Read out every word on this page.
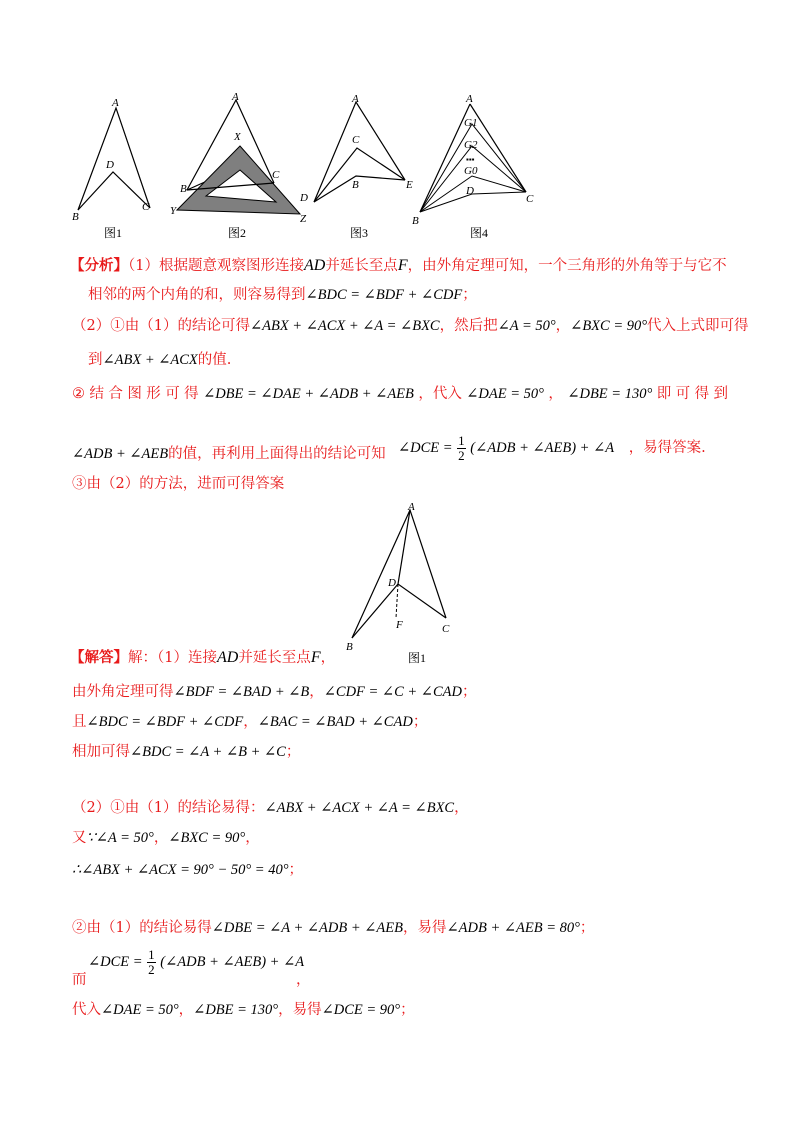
A
D
B
C
图1
A
X
C
B
Y
Z
图2
A
C
B
D
E
图3
A
G1
G2
▪▪▪
G0
D
B
C
图4
【分析】（1）根据题意观察图形连接AD并延长至点F，由外角定理可知，一个三角形的外角等于与它不
相邻的两个内角的和，则容易得到∠BDC = ∠BDF + ∠CDF；
（2）①由（1）的结论可得∠ABX + ∠ACX + ∠A = ∠BXC，然后把∠A = 50°，∠BXC = 90°代入上式即可得
到∠ABX + ∠ACX的值.
② 结 合 图 形 可 得 ∠DBE = ∠DAE + ∠ADB + ∠AEB ，代入 ∠DAE = 50° ， ∠DBE = 130° 即 可 得 到
∠ADB + ∠AEB的值，再利用上面得出的结论可知 ∠DCE = $\frac{1}{2}$ (∠ADB + ∠AEB) + ∠A ，易得答案.
③由（2）的方法，进而可得答案
A
D
F
B
C
图1
【解答】解：（1）连接AD并延长至点F，
由外角定理可得∠BDF = ∠BAD + ∠B，∠CDF = ∠C + ∠CAD；
且∠BDC = ∠BDF + ∠CDF，∠BAC = ∠BAD + ∠CAD；
相加可得∠BDC = ∠A + ∠B + ∠C；
（2）①由（1）的结论易得：∠ABX + ∠ACX + ∠A = ∠BXC，
又∵∠A = 50°，∠BXC = 90°，
∴∠ABX + ∠ACX = 90° − 50° = 40°；
②由（1）的结论易得∠DBE = ∠A + ∠ADB + ∠AEB，易得∠ADB + ∠AEB = 80°；
∠DCE = $\frac{1}{2}$ (∠ADB + ∠AEB) + ∠A
而	，
代入∠DAE = 50°，∠DBE = 130°，易得∠DCE = 90°；
